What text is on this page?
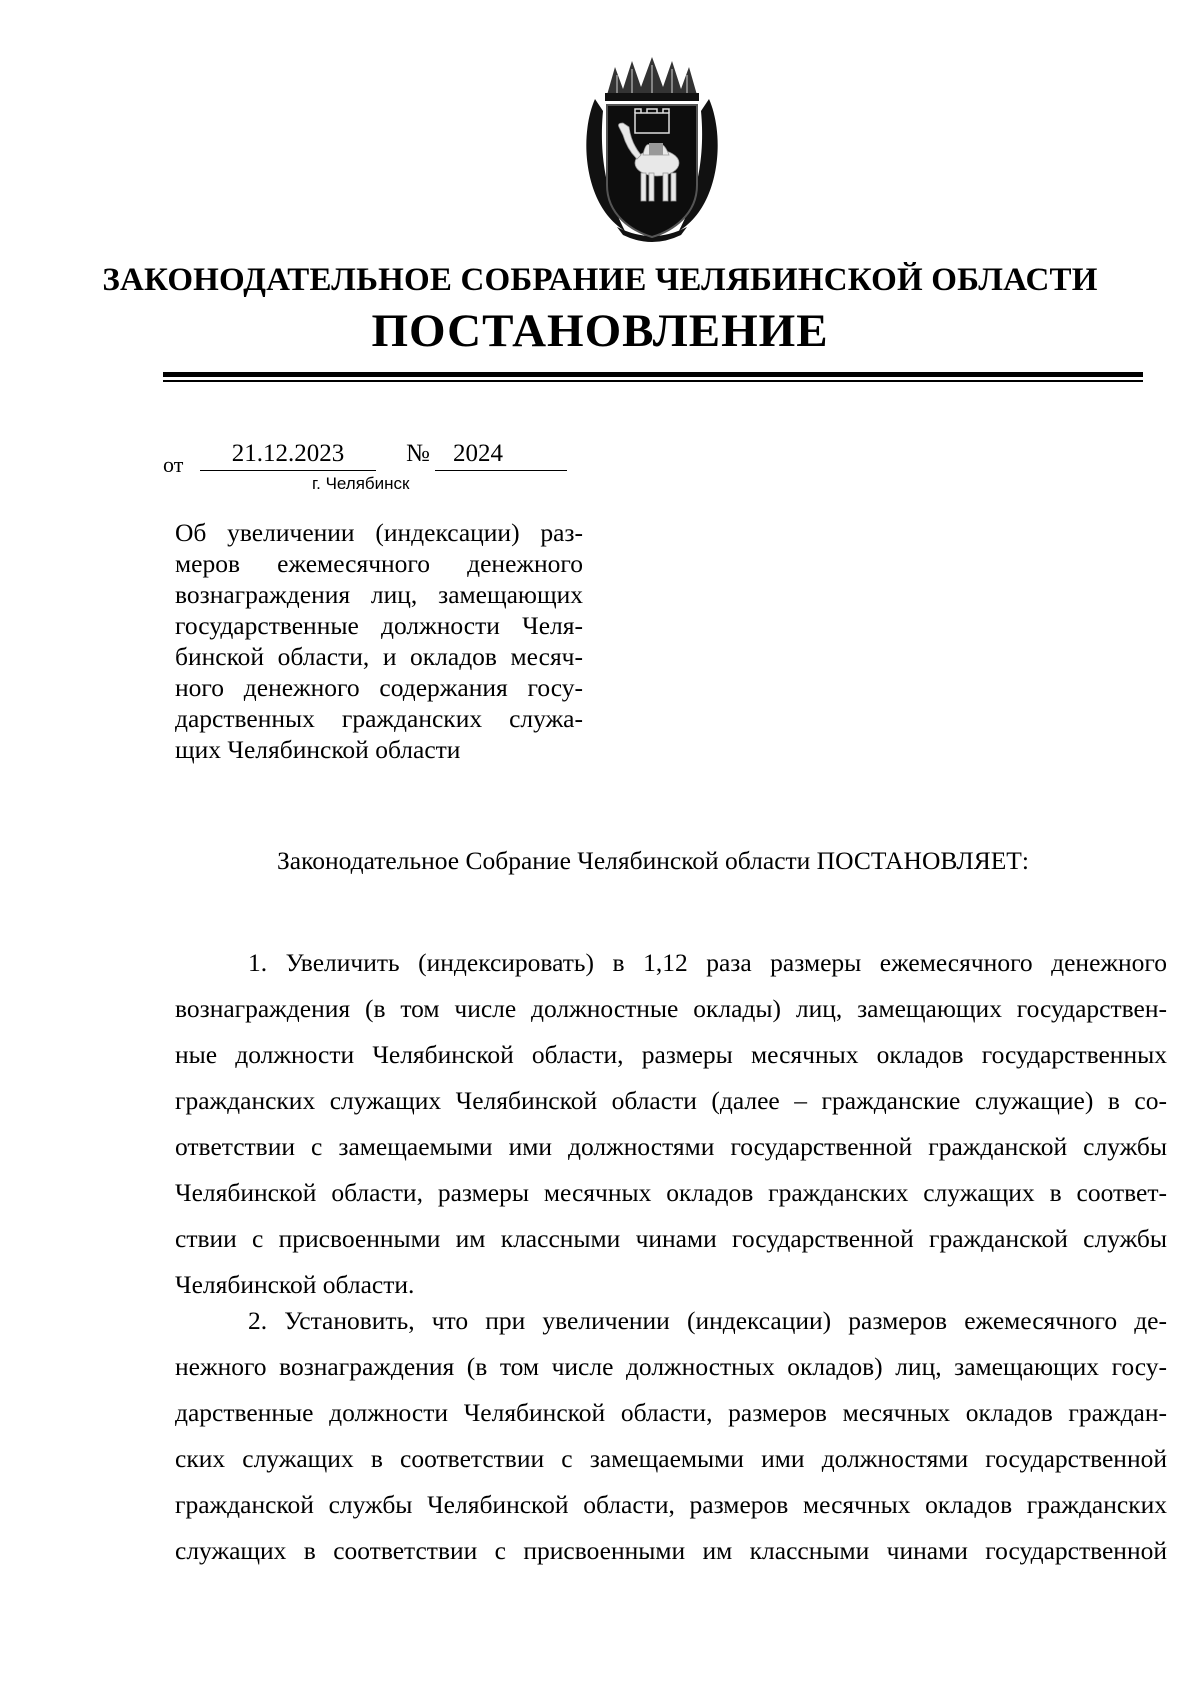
ЗАКОНОДАТЕЛЬНОЕ СОБРАНИЕ ЧЕЛЯБИНСКОЙ ОБЛАСТИ
ПОСТАНОВЛЕНИЕ
от	21.12.2023	№ 2024
г. Челябинск
Об увеличении (индексации) раз-
меров ежемесячного денежного
вознаграждения лиц, замещающих
государственные должности Челя-
бинской области, и окладов месяч-
ного денежного содержания госу-
дарственных гражданских служа-
щих Челябинской области
Законодательное Собрание Челябинской области ПОСТАНОВЛЯЕТ:
1. Увеличить (индексировать) в 1,12 раза размеры ежемесячного денежного
вознаграждения (в том числе должностные оклады) лиц, замещающих государствен-
ные должности Челябинской области, размеры месячных окладов государственных
гражданских служащих Челябинской области (далее – гражданские служащие) в со-
ответствии с замещаемыми ими должностями государственной гражданской службы
Челябинской области, размеры месячных окладов гражданских служащих в соответ-
ствии с присвоенными им классными чинами государственной гражданской службы
Челябинской области.
2. Установить, что при увеличении (индексации) размеров ежемесячного де-
нежного вознаграждения (в том числе должностных окладов) лиц, замещающих госу-
дарственные должности Челябинской области, размеров месячных окладов граждан-
ских служащих в соответствии с замещаемыми ими должностями государственной
гражданской службы Челябинской области, размеров месячных окладов гражданских
служащих в соответствии с присвоенными им классными чинами государственной
